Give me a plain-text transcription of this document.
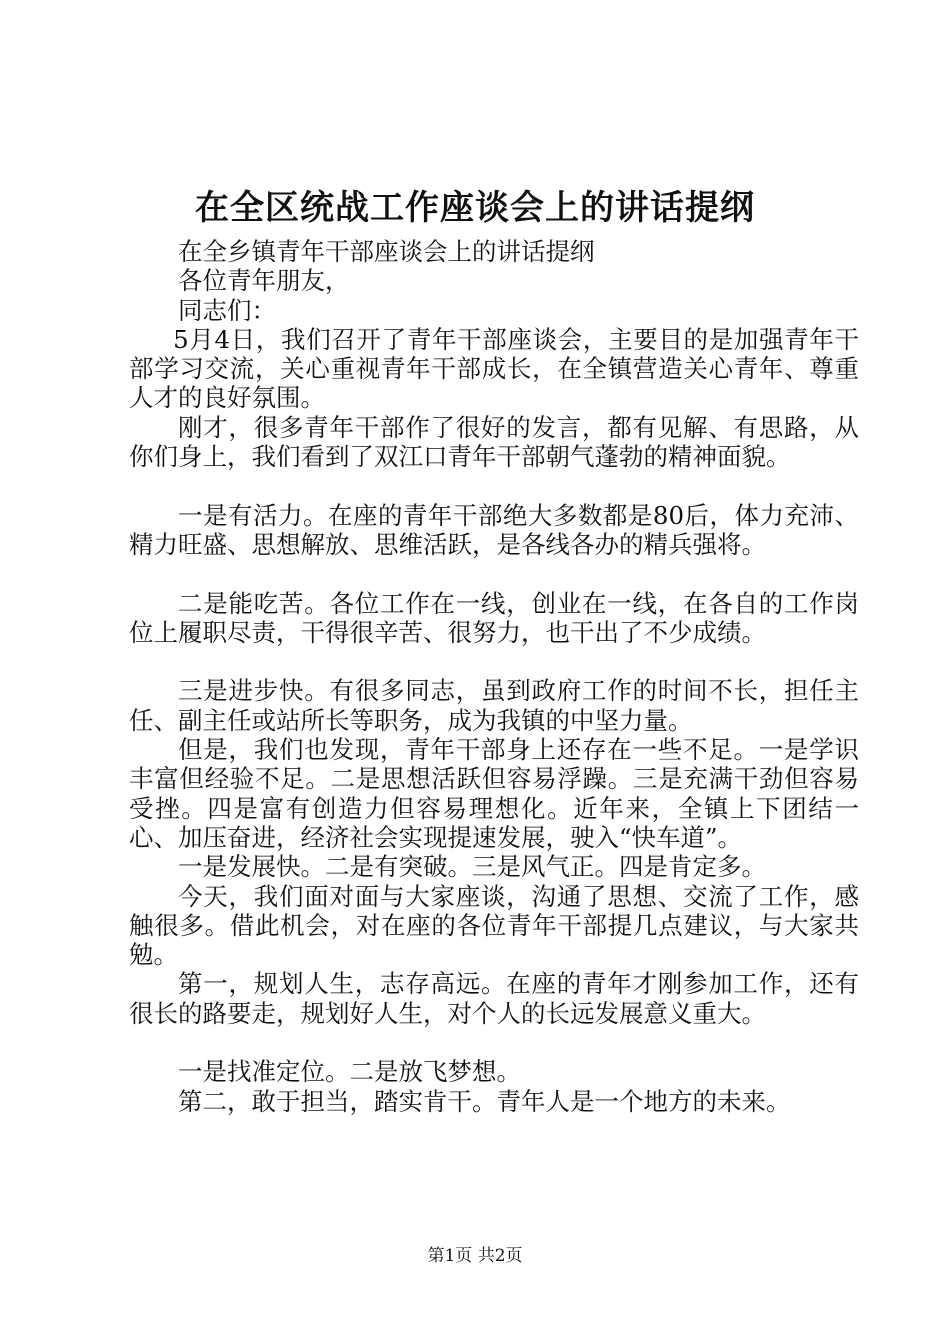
在全区统战工作座谈会上的讲话提纲

在全乡镇青年干部座谈会上的讲话提纲

各位青年朋友，

同志们：

5月4日，我们召开了青年干部座谈会，主要目的是加强青年干部学习交流，关心重视青年干部成长，在全镇营造关心青年、尊重人才的良好氛围。

刚才，很多青年干部作了很好的发言，都有见解、有思路，从你们身上，我们看到了双江口青年干部朝气蓬勃的精神面貌。

一是有活力。在座的青年干部绝大多数都是80后，体力充沛、精力旺盛、思想解放、思维活跃，是各线各办的精兵强将。

二是能吃苦。各位工作在一线，创业在一线，在各自的工作岗位上履职尽责，干得很辛苦、很努力，也干出了不少成绩。

三是进步快。有很多同志，虽到政府工作的时间不长，担任主任、副主任或站所长等职务，成为我镇的中坚力量。

但是，我们也发现，青年干部身上还存在一些不足。一是学识丰富但经验不足。二是思想活跃但容易浮躁。三是充满干劲但容易受挫。四是富有创造力但容易理想化。近年来，全镇上下团结一心、加压奋进，经济社会实现提速发展，驶入“快车道”。

一是发展快。二是有突破。三是风气正。四是肯定多。

今天，我们面对面与大家座谈，沟通了思想、交流了工作，感触很多。借此机会，对在座的各位青年干部提几点建议，与大家共勉。

第一，规划人生，志存高远。在座的青年才刚参加工作，还有很长的路要走，规划好人生，对个人的长远发展意义重大。

一是找准定位。二是放飞梦想。

第二，敢于担当，踏实肯干。青年人是一个地方的未来。

第1页 共2页
